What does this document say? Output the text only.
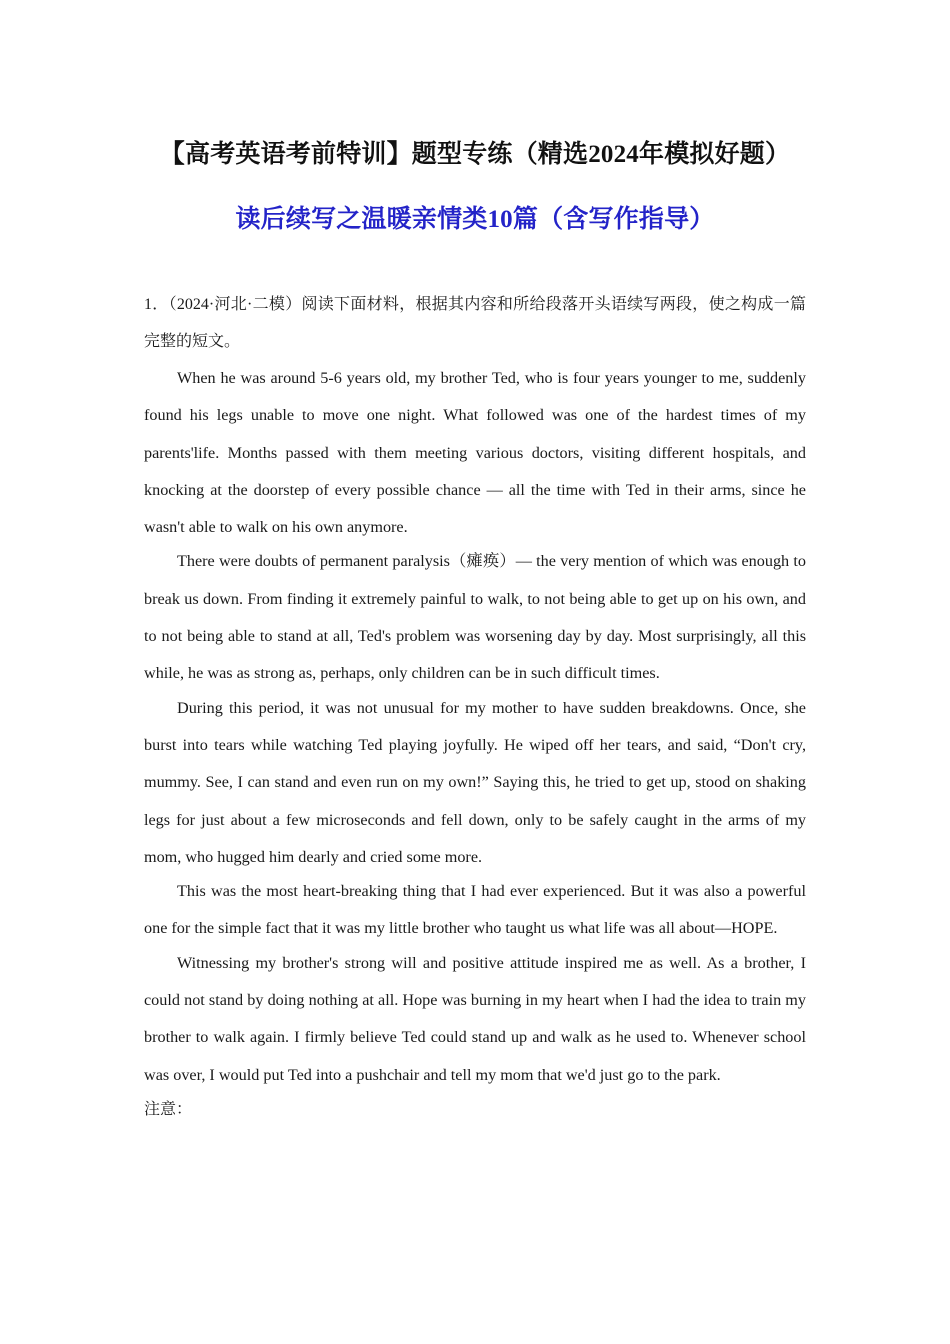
【高考英语考前特训】题型专练（精选2024年模拟好题）
读后续写之温暖亲情类10篇（含写作指导）

1．（2024·河北·二模）阅读下面材料，根据其内容和所给段落开头语续写两段，使之构成一篇完整的短文。

When he was around 5-6 years old, my brother Ted, who is four years younger to me, suddenly found his legs unable to move one night. What followed was one of the hardest times of my parents'life. Months passed with them meeting various doctors, visiting different hospitals, and knocking at the doorstep of every possible chance — all the time with Ted in their arms, since he wasn't able to walk on his own anymore.

There were doubts of permanent paralysis（瘫痪）— the very mention of which was enough to break us down. From finding it extremely painful to walk, to not being able to get up on his own, and to not being able to stand at all, Ted's problem was worsening day by day. Most surprisingly, all this while, he was as strong as, perhaps, only children can be in such difficult times.

During this period, it was not unusual for my mother to have sudden breakdowns. Once, she burst into tears while watching Ted playing joyfully. He wiped off her tears, and said, “Don't cry, mummy. See, I can stand and even run on my own!” Saying this, he tried to get up, stood on shaking legs for just about a few microseconds and fell down, only to be safely caught in the arms of my mom, who hugged him dearly and cried some more.

This was the most heart-breaking thing that I had ever experienced. But it was also a powerful one for the simple fact that it was my little brother who taught us what life was all about—HOPE.

Witnessing my brother's strong will and positive attitude inspired me as well. As a brother, I could not stand by doing nothing at all. Hope was burning in my heart when I had the idea to train my brother to walk again. I firmly believe Ted could stand up and walk as he used to. Whenever school was over, I would put Ted into a pushchair and tell my mom that we'd just go to the park.

注意：
